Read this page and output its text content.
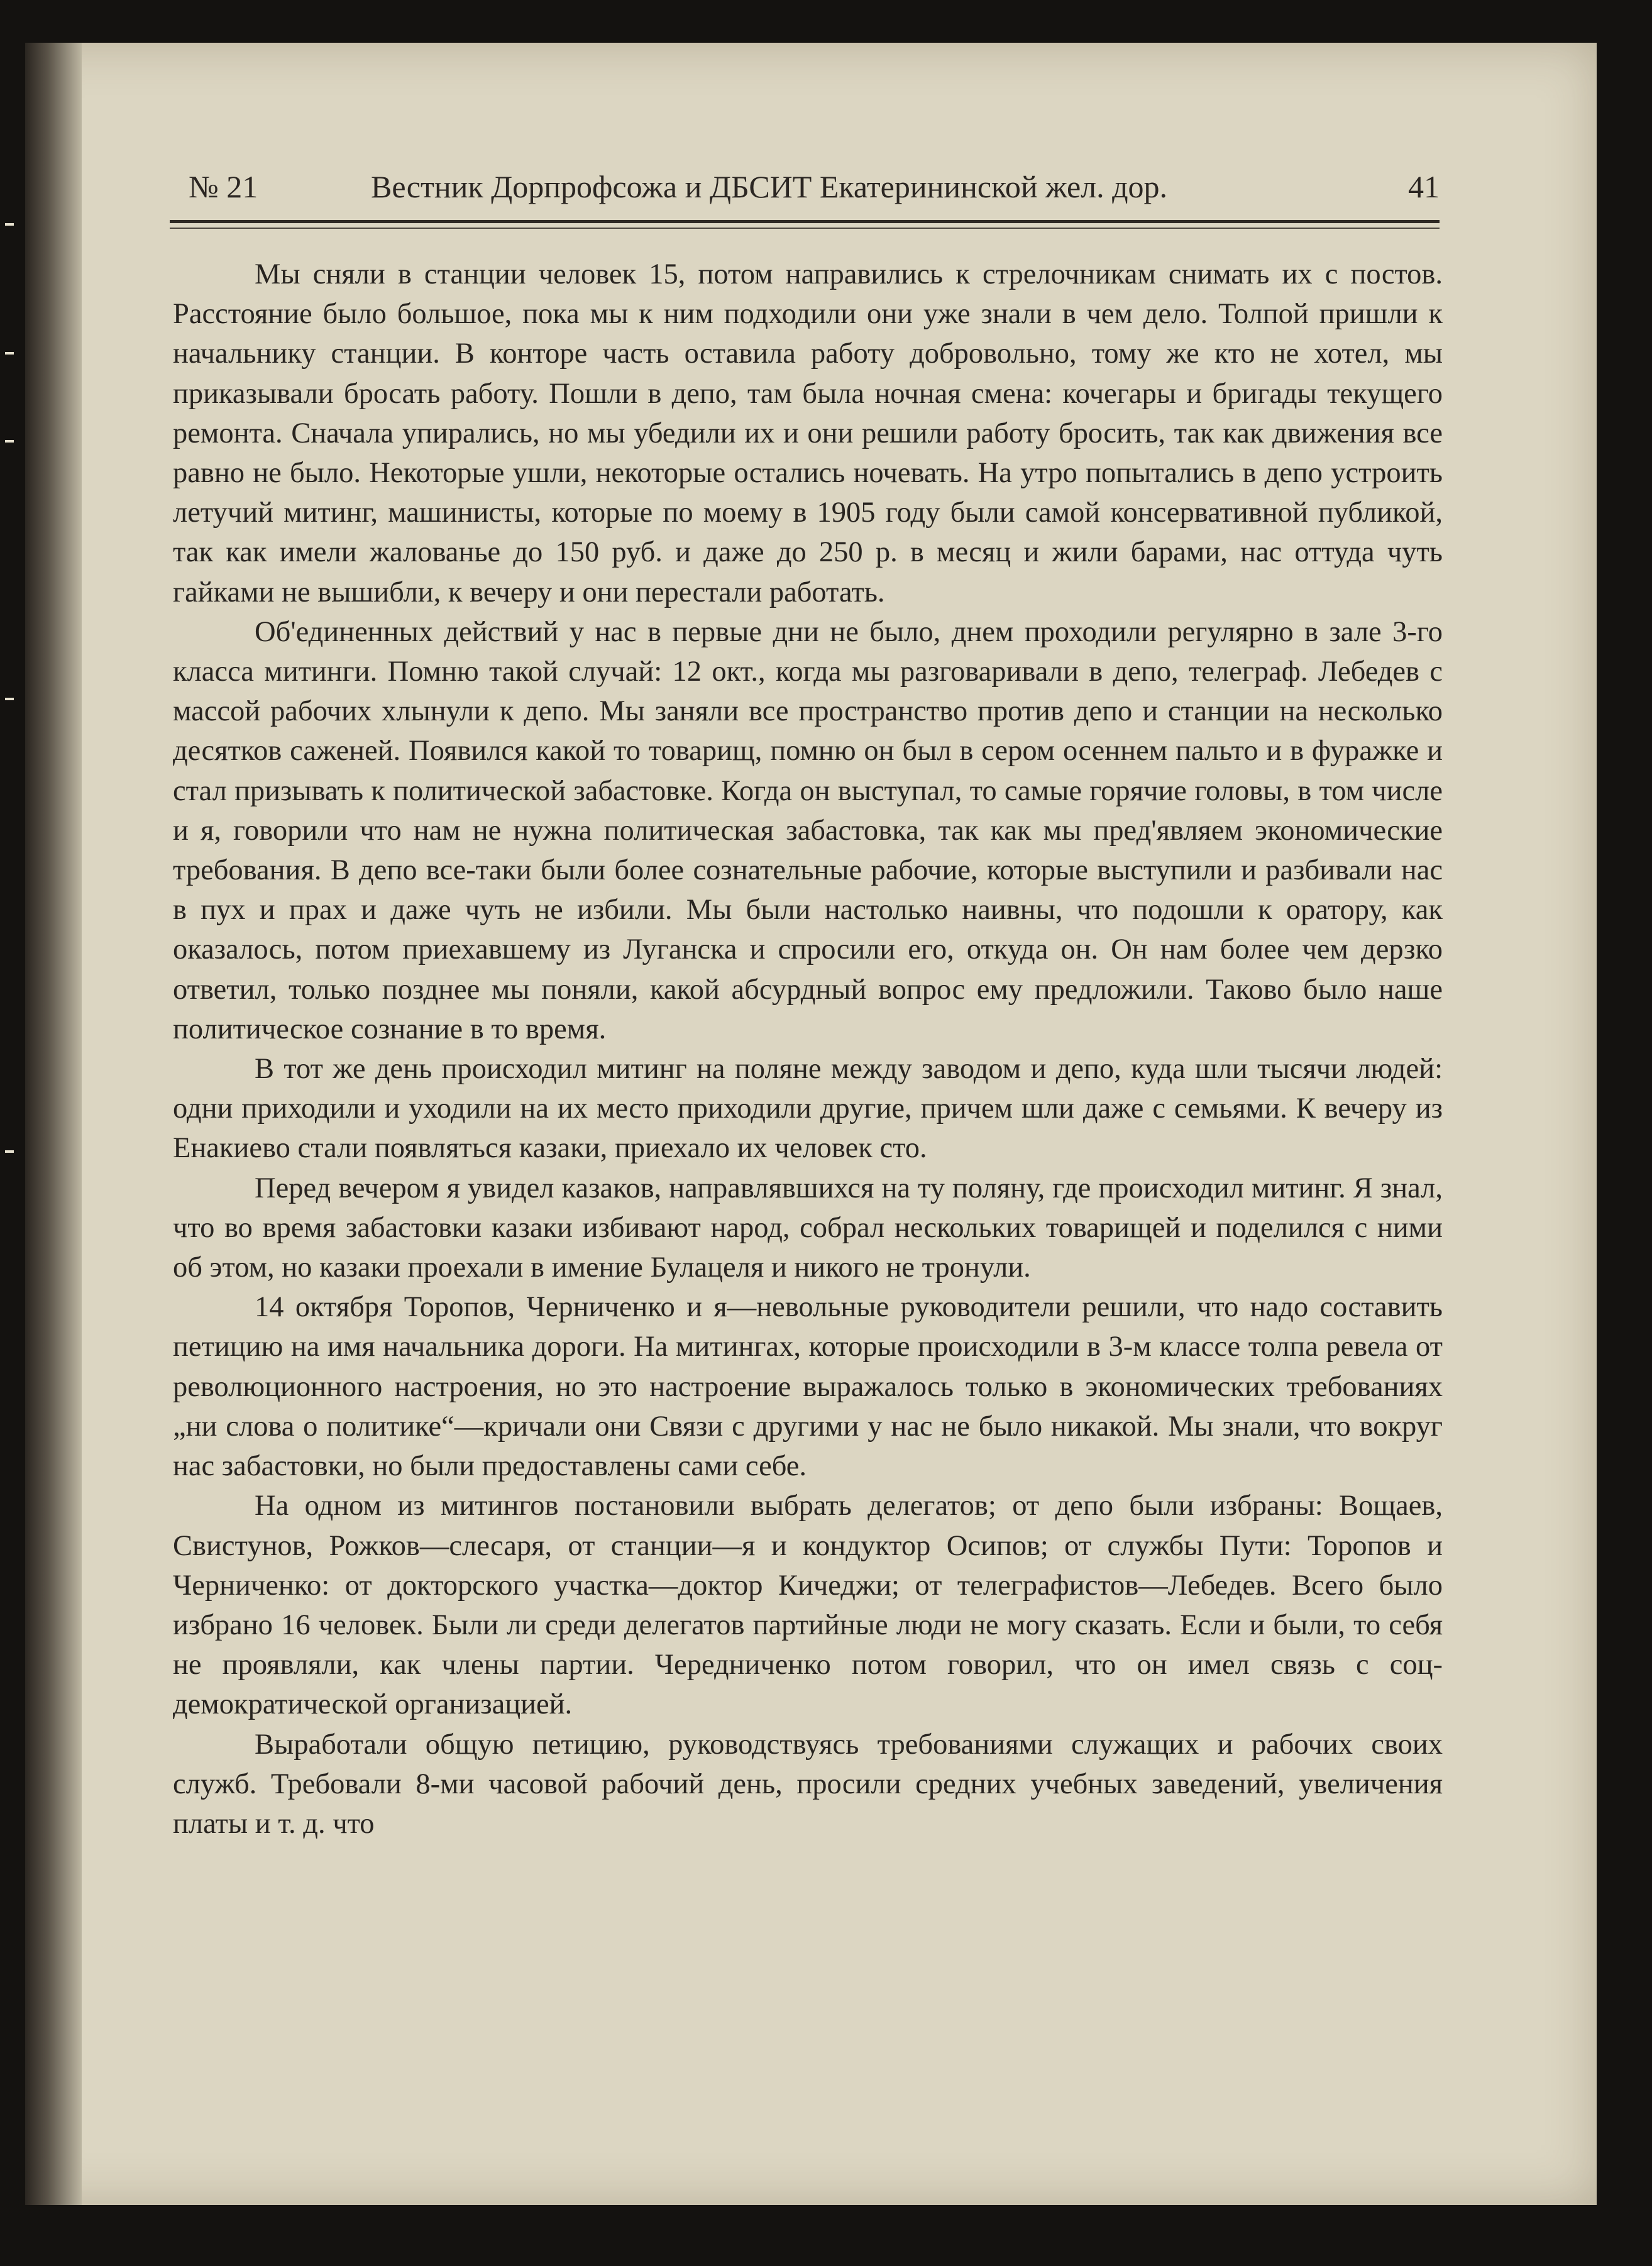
№ 21	Вестник Дорпрофсожа и ДБСИТ Екатерининской жел. дор.	41

Мы сняли в станции человек 15, потом направились к стрелочникам снимать их с постов. Расстояние было большое, пока мы к ним подходили они уже знали в чем дело. Толпой пришли к начальнику станции. В конторе часть оставила работу добровольно, тому же кто не хотел, мы приказывали бросать работу. Пошли в депо, там была ночная смена: кочегары и бригады текущего ремонта. Сначала упирались, но мы убедили их и они решили работу бросить, так как движения все равно не было. Некоторые ушли, некоторые остались ночевать. На утро попытались в депо устроить летучий митинг, машинисты, которые по моему в 1905 году были самой консервативной публикой, так как имели жалованье до 150 руб. и даже до 250 р. в месяц и жили барами, нас оттуда чуть гайками не вышибли, к вечеру и они перестали работать.

Об'единенных действий у нас в первые дни не было, днем проходили регулярно в зале 3-го класса митинги. Помню такой случай: 12 окт., когда мы разговаривали в депо, телеграф. Лебедев с массой рабочих хлынули к депо. Мы заняли все пространство против депо и станции на несколько десятков саженей. Появился какой то товарищ, помню он был в сером осеннем пальто и в фуражке и стал призывать к политической забастовке. Когда он выступал, то самые горячие головы, в том числе и я, говорили что нам не нужна политическая забастовка, так как мы пред'являем экономические требования. В депо все-таки были более сознательные рабочие, которые выступили и разбивали нас в пух и прах и даже чуть не избили. Мы были настолько наивны, что подошли к оратору, как оказалось, потом приехавшему из Луганска и спросили его, откуда он. Он нам более чем дерзко ответил, только позднее мы поняли, какой абсурдный вопрос ему предложили. Таково было наше политическое сознание в то время.

В тот же день происходил митинг на поляне между заводом и депо, куда шли тысячи людей: одни приходили и уходили на их место приходили другие, причем шли даже с семьями. К вечеру из Енакиево стали появляться казаки, приехало их человек сто.

Перед вечером я увидел казаков, направлявшихся на ту поляну, где происходил митинг. Я знал, что во время забастовки казаки избивают народ, собрал нескольких товарищей и поделился с ними об этом, но казаки проехали в имение Булацеля и никого не тронули.

14 октября Торопов, Черниченко и я—невольные руководители решили, что надо составить петицию на имя начальника дороги. На митингах, которые происходили в 3-м классе толпа ревела от революционного настроения, но это настроение выражалось только в экономических требованиях „ни слова о политике“—кричали они Связи с другими у нас не было никакой. Мы знали, что вокруг нас забастовки, но были предоставлены сами себе.

На одном из митингов постановили выбрать делегатов; от депо были избраны: Вощаев, Свистунов, Рожков—слесаря, от станции—я и кондуктор Осипов; от службы Пути: Торопов и Черниченко: от докторского участка—доктор Кичеджи; от телеграфистов—Лебедев. Всего было избрано 16 человек. Были ли среди делегатов партийные люди не могу сказать. Если и были, то себя не проявляли, как члены партии. Чередниченко потом говорил, что он имел связь с соц-демократической организацией.

Выработали общую петицию, руководствуясь требованиями служащих и рабочих своих служб. Требовали 8-ми часовой рабочий день, просили средних учебных заведений, увеличения платы и т. д. что
